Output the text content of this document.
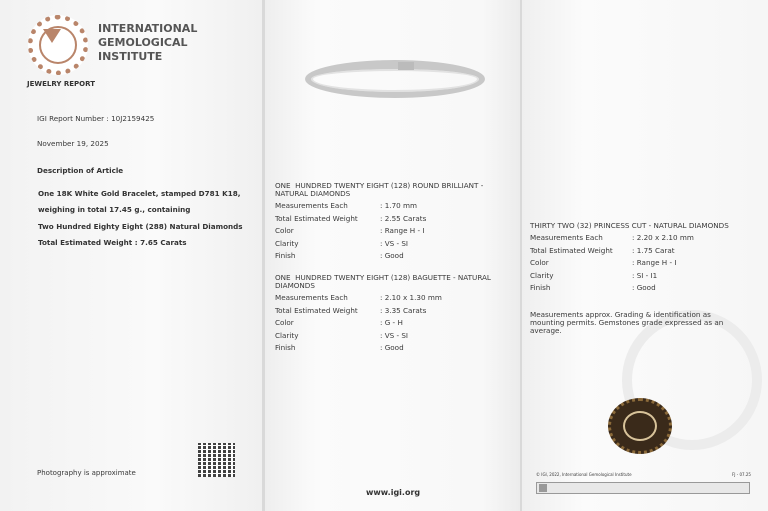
INTERNATIONAL
GEMOLOGICAL
INSTITUTE
JEWELRY REPORT
IGI Report Number : 10J2159425
November 19, 2025
Description of Article
One 18K White Gold Bracelet, stamped D781 K18,
weighing in total 17.45 g., containing
Two Hundred Eighty Eight (288) Natural Diamonds
Total Estimated Weight : 7.65 Carats
Photography is approximate
ONE  HUNDRED TWENTY EIGHT (128) ROUND BRILLIANT -
NATURAL DIAMONDS
Measurements Each	: 1.70 mm
Total Estimated Weight	: 2.55 Carats
Color	: Range H - I
Clarity	: VS - SI
Finish	: Good
ONE  HUNDRED TWENTY EIGHT (128) BAGUETTE - NATURAL
DIAMONDS
Measurements Each	: 2.10 x 1.30 mm
Total Estimated Weight	: 3.35 Carats
Color	: G - H
Clarity	: VS - SI
Finish	: Good
www.igi.org
THIRTY TWO (32) PRINCESS CUT - NATURAL DIAMONDS
Measurements Each	: 2.20 x 2.10 mm
Total Estimated Weight	: 1.75 Carat
Color	: Range H - I
Clarity	: SI - I1
Finish	: Good
Measurements approx. Grading & identification as mounting permits. Gemstones grade expressed as an average.
© IGI, 2022, International Gemological Institute	FJ - 07.25
